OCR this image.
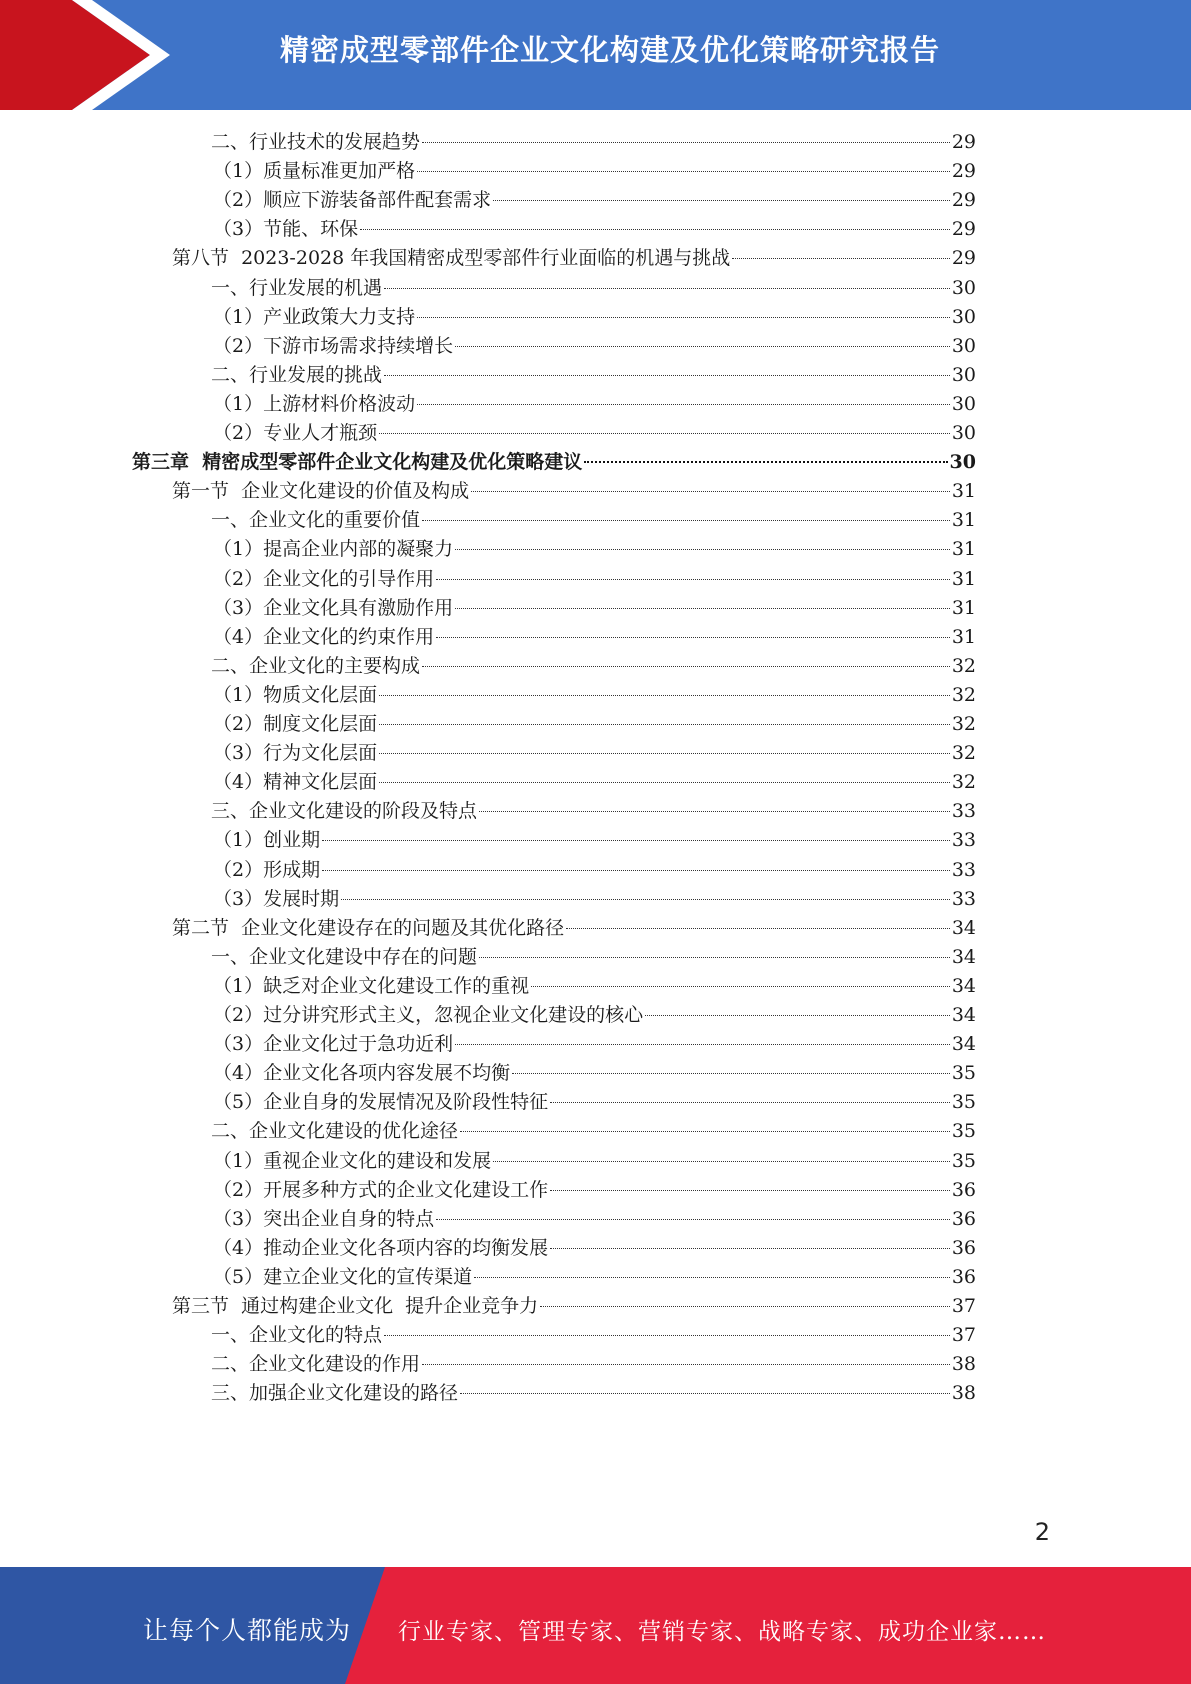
精密成型零部件企业文化构建及优化策略研究报告
二、行业技术的发展趋势	29
（1）质量标准更加严格	29
（2）顺应下游装备部件配套需求	29
（3）节能、环保	29
第八节  2023-2028 年我国精密成型零部件行业面临的机遇与挑战	29
一、行业发展的机遇	30
（1）产业政策大力支持	30
（2）下游市场需求持续增长	30
二、行业发展的挑战	30
（1）上游材料价格波动	30
（2）专业人才瓶颈	30
第三章  精密成型零部件企业文化构建及优化策略建议	30
第一节  企业文化建设的价值及构成	31
一、企业文化的重要价值	31
（1）提高企业内部的凝聚力	31
（2）企业文化的引导作用	31
（3）企业文化具有激励作用	31
（4）企业文化的约束作用	31
二、企业文化的主要构成	32
（1）物质文化层面	32
（2）制度文化层面	32
（3）行为文化层面	32
（4）精神文化层面	32
三、企业文化建设的阶段及特点	33
（1）创业期	33
（2）形成期	33
（3）发展时期	33
第二节  企业文化建设存在的问题及其优化路径	34
一、企业文化建设中存在的问题	34
（1）缺乏对企业文化建设工作的重视	34
（2）过分讲究形式主义，忽视企业文化建设的核心	34
（3）企业文化过于急功近利	34
（4）企业文化各项内容发展不均衡	35
（5）企业自身的发展情况及阶段性特征	35
二、企业文化建设的优化途径	35
（1）重视企业文化的建设和发展	35
（2）开展多种方式的企业文化建设工作	36
（3）突出企业自身的特点	36
（4）推动企业文化各项内容的均衡发展	36
（5）建立企业文化的宣传渠道	36
第三节  通过构建企业文化  提升企业竞争力	37
一、企业文化的特点	37
二、企业文化建设的作用	38
三、加强企业文化建设的路径	38
2
让每个人都能成为 行业专家、管理专家、营销专家、战略专家、成功企业家……
